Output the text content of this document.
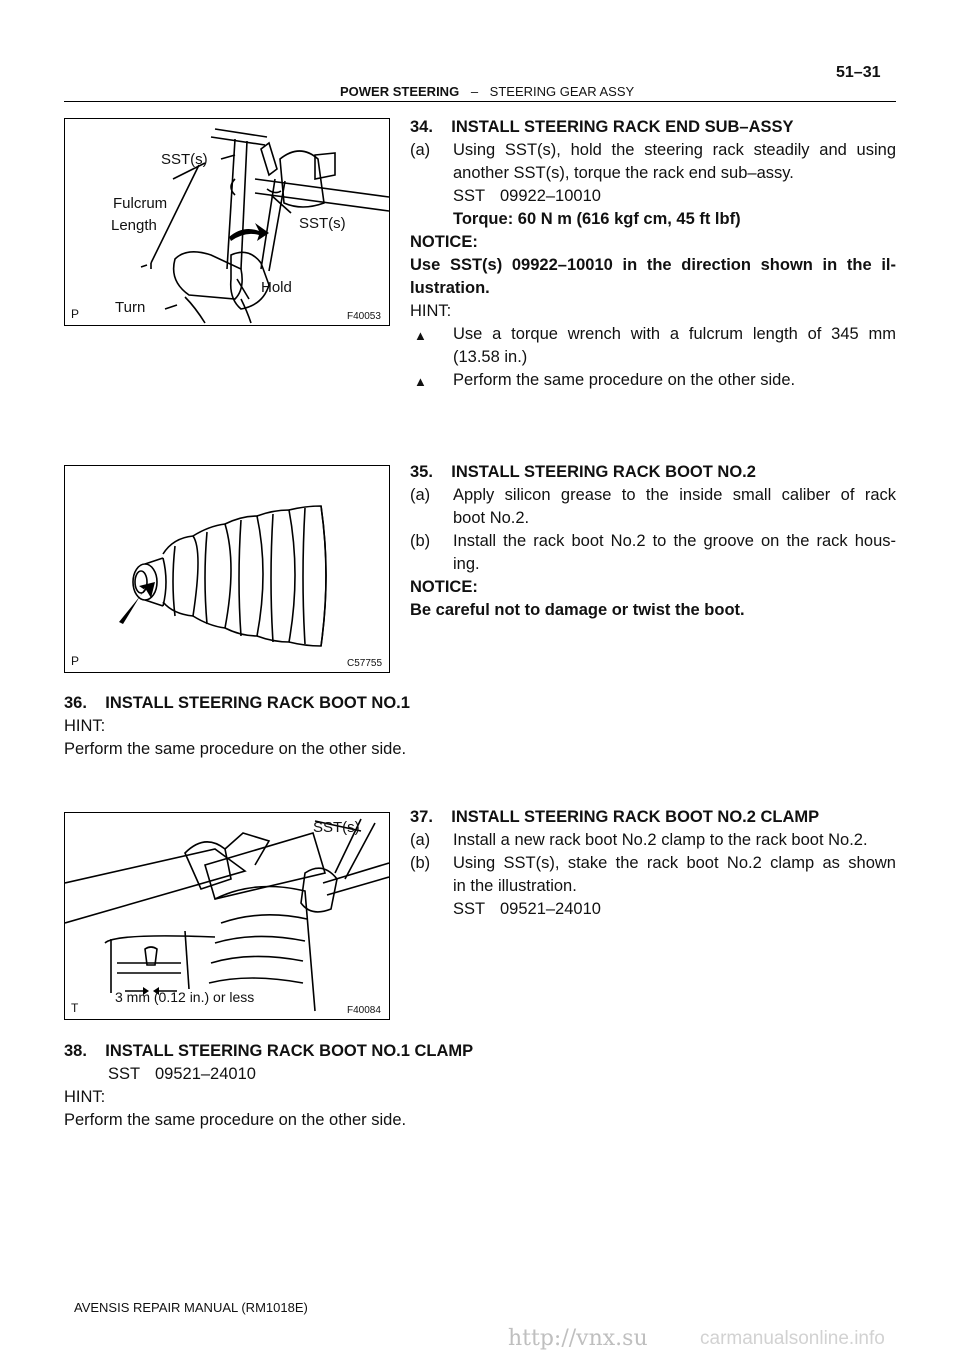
51–31
POWER STEERING – STEERING GEAR ASSY
SST(s)
Fulcrum
Length	SST(s)
Hold
Turn
P	F40053
P	C57755
SST(s)
3 mm (0.12 in.) or less
T	F40084
34.    INSTALL STEERING RACK END SUB–ASSY
(a) Using SST(s), hold the steering rack steadily and using
another SST(s), torque the rack end sub–assy.
SST 09922–10010
Torque: 60 N m (616 kgf cm, 45 ft lbf)
NOTICE:
Use SST(s) 09922–10010 in the direction shown in the il-
lustration.
HINT:
▲ Use a torque wrench with a fulcrum length of 345 mm
(13.58 in.)
▲ Perform the same procedure on the other side.
35.    INSTALL STEERING RACK BOOT NO.2
(a) Apply silicon grease to the inside small caliber of rack
boot No.2.
(b) Install the rack boot No.2 to the groove on the rack hous-
ing.
NOTICE:
Be careful not to damage or twist the boot.
36.    INSTALL STEERING RACK BOOT NO.1
HINT:
Perform the same procedure on the other side.
37.    INSTALL STEERING RACK BOOT NO.2 CLAMP
(a) Install a new rack boot No.2 clamp to the rack boot No.2.
(b) Using SST(s), stake the rack boot No.2 clamp as shown
in the illustration.
SST 09521–24010
38.    INSTALL STEERING RACK BOOT NO.1 CLAMP
SST 09521–24010
HINT:
Perform the same procedure on the other side.
AVENSIS REPAIR MANUAL (RM1018E)
http://vnx.su	carmanualsonline.info
